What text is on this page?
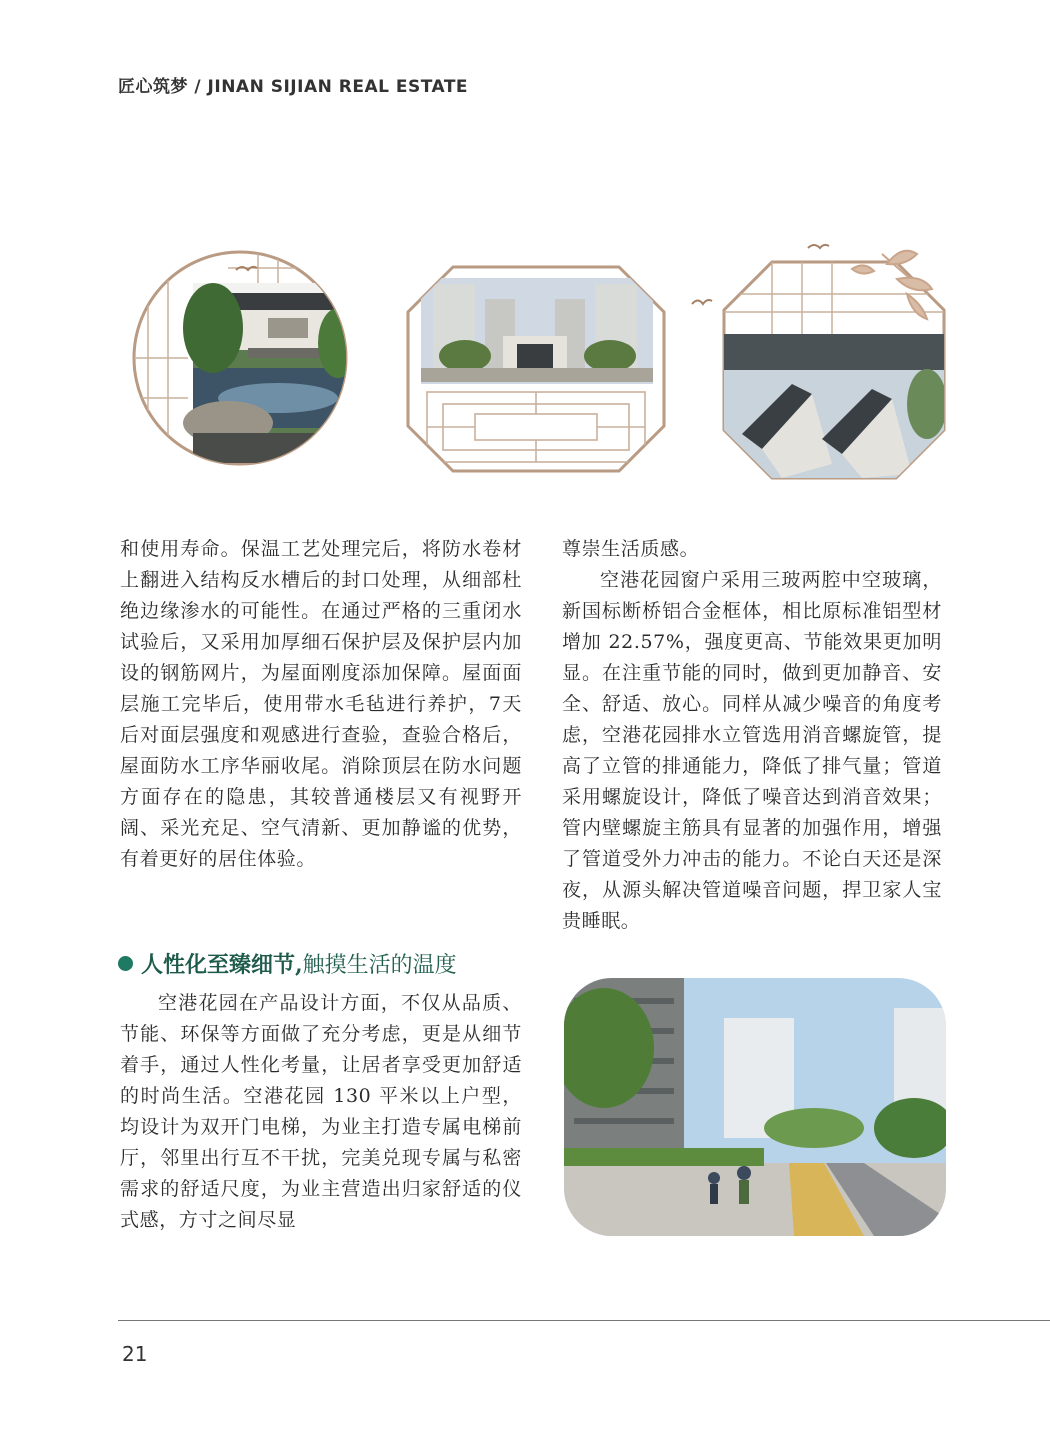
匠心筑梦 / JINAN SIJIAN REAL ESTATE

和使用寿命。保温工艺处理完后，将防水卷材上翻进入结构反水槽后的封口处理，从细部杜绝边缘渗水的可能性。在通过严格的三重闭水试验后，又采用加厚细石保护层及保护层内加设的钢筋网片，为屋面刚度添加保障。屋面面层施工完毕后，使用带水毛毡进行养护，7天后对面层强度和观感进行查验，查验合格后，屋面防水工序华丽收尾。消除顶层在防水问题方面存在的隐患，其较普通楼层又有视野开阔、采光充足、空气清新、更加静谧的优势，有着更好的居住体验。

人性化至臻细节, 触摸生活的温度

空港花园在产品设计方面，不仅从品质、节能、环保等方面做了充分考虑，更是从细节着手，通过人性化考量，让居者享受更加舒适的时尚生活。空港花园 130 平米以上户型，均设计为双开门电梯，为业主打造专属电梯前厅，邻里出行互不干扰，完美兑现专属与私密需求的舒适尺度，为业主营造出归家舒适的仪式感，方寸之间尽显

尊崇生活质感。

空港花园窗户采用三玻两腔中空玻璃，新国标断桥铝合金框体，相比原标准铝型材增加 22.57%，强度更高、节能效果更加明显。在注重节能的同时，做到更加静音、安全、舒适、放心。同样从减少噪音的角度考虑，空港花园排水立管选用消音螺旋管，提高了立管的排通能力，降低了排气量；管道采用螺旋设计，降低了噪音达到消音效果；管内壁螺旋主筋具有显著的加强作用，增强了管道受外力冲击的能力。不论白天还是深夜，从源头解决管道噪音问题，捍卫家人宝贵睡眠。

21
